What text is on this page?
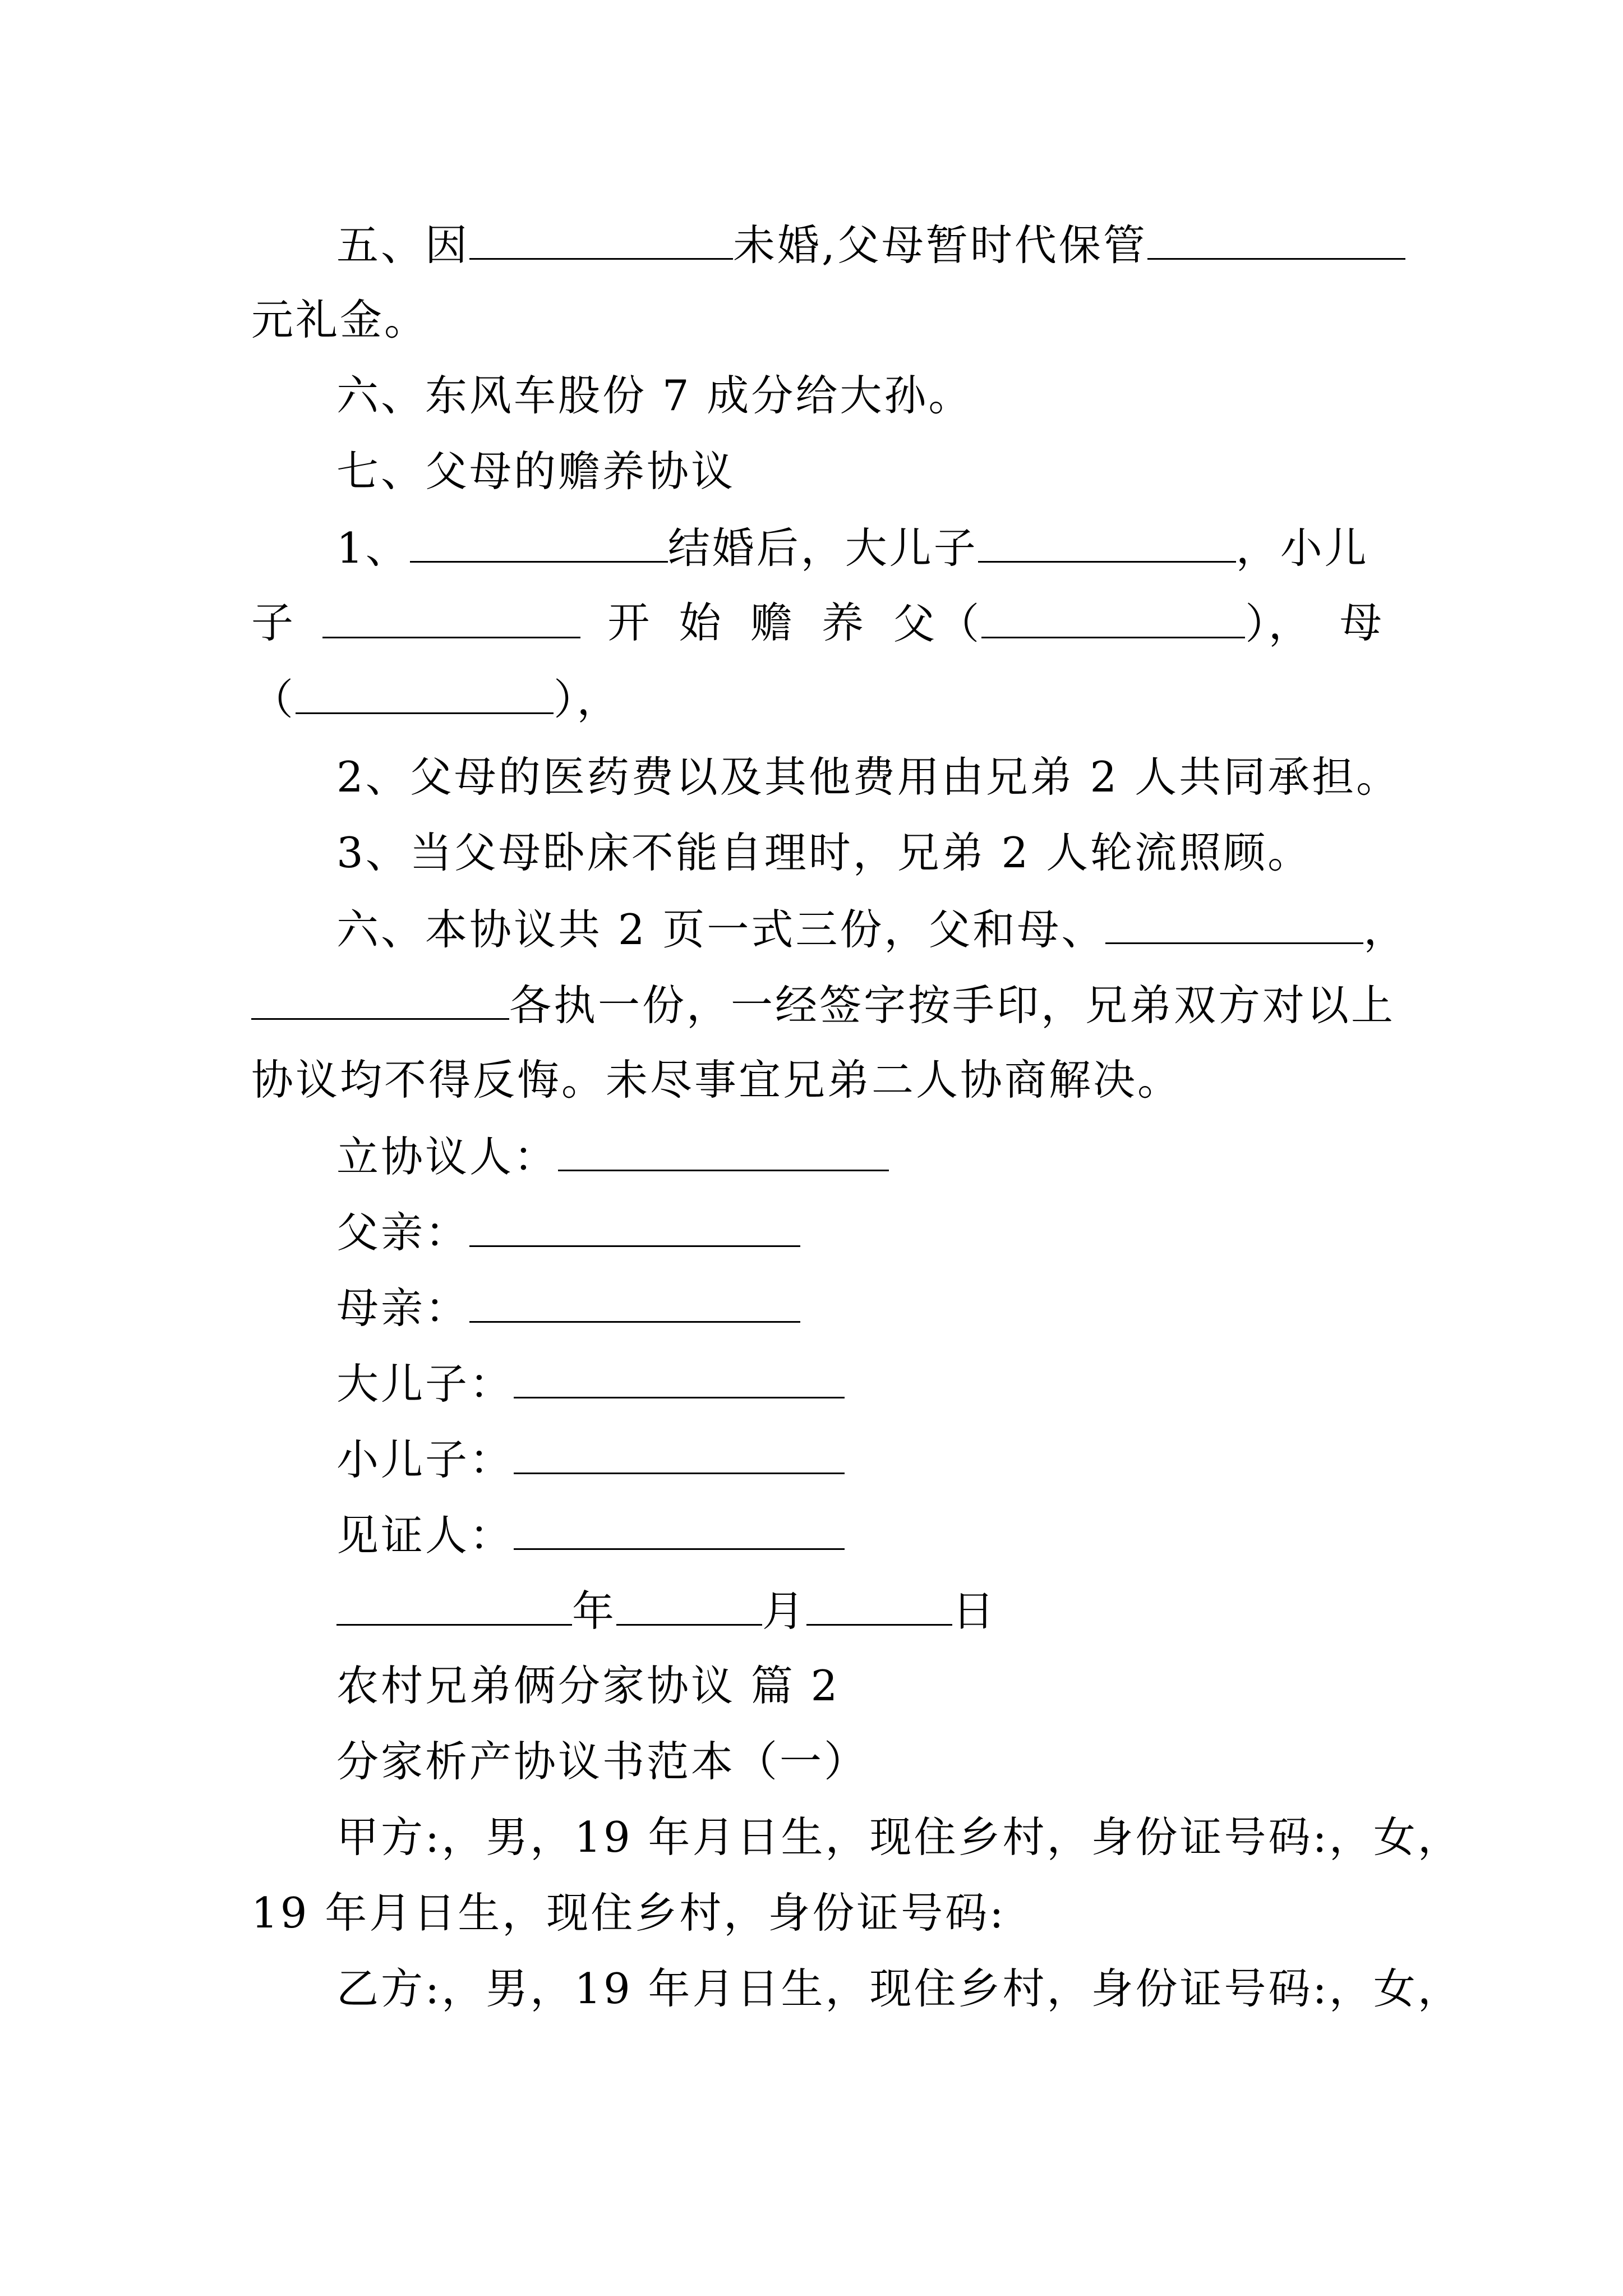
五、因	未婚,父母暂时代保管
元礼金。
六、东风车股份 7 成分给大孙。
七、父母的赡养协议
1、	结婚后，大儿子	，小儿
子	开 始 赡 养 父（	）， 母
（	），
2、父母的医药费以及其他费用由兄弟 2 人共同承担。
3、当父母卧床不能自理时，兄弟 2 人轮流照顾。
六、本协议共 2 页一式三份，父和母、	，
各执一份，一经签字按手印，兄弟双方对以上
协议均不得反悔。未尽事宜兄弟二人协商解决。
立协议人：
父亲：
母亲：
大儿子：
小儿子：
见证人：
年	月	日
农村兄弟俩分家协议 篇 2
分家析产协议书范本（一）
甲方:，男，19 年月日生，现住乡村，身份证号码:，女，
19 年月日生，现住乡村，身份证号码:
乙方:，男，19 年月日生，现住乡村，身份证号码:，女，
